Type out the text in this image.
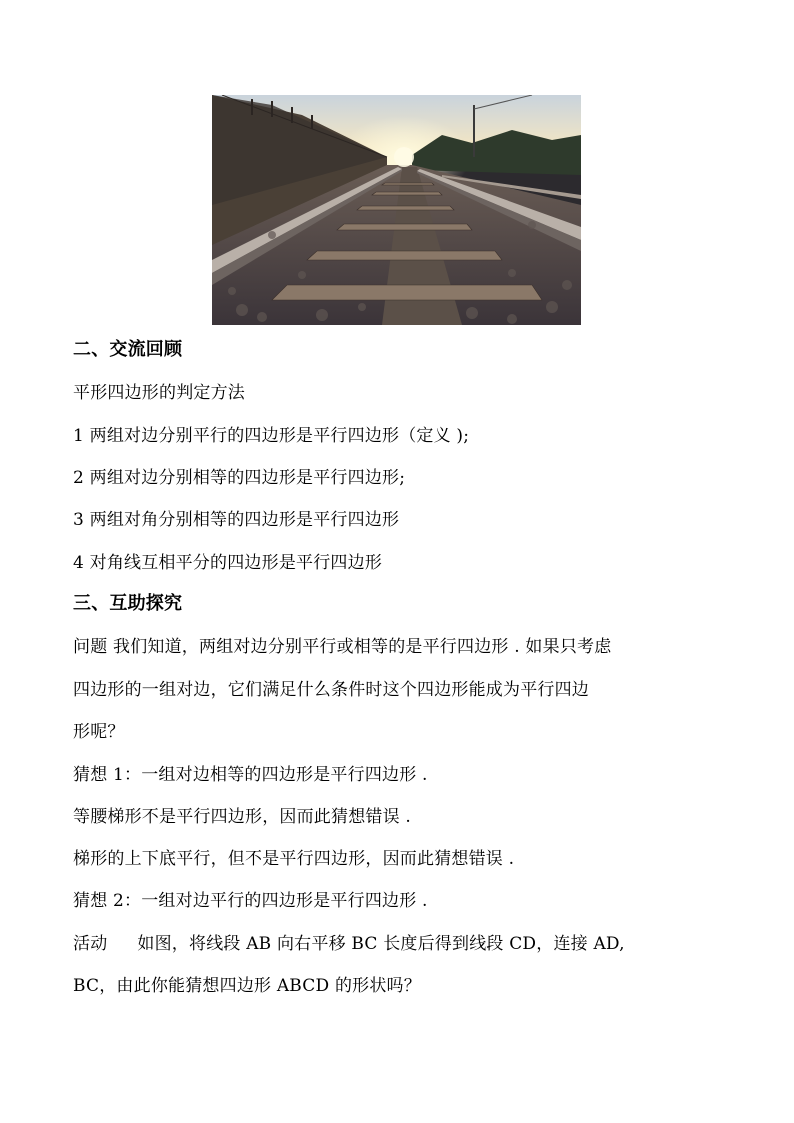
二、交流回顾
平形四边形的判定方法
1 两组对边分别平行的四边形是平行四边形（定义 );
2 两组对边分别相等的四边形是平行四边形;
3 两组对角分别相等的四边形是平行四边形
4 对角线互相平分的四边形是平行四边形
三、互助探究
问题 我们知道，两组对边分别平行或相等的是平行四边形 . 如果只考虑
四边形的一组对边，它们满足什么条件时这个四边形能成为平行四边
形呢？
猜想 1：一组对边相等的四边形是平行四边形 .
等腰梯形不是平行四边形，因而此猜想错误 .
梯形的上下底平行，但不是平行四边形，因而此猜想错误 .
猜想 2：一组对边平行的四边形是平行四边形 .
活动 如图，将线段 AB 向右平移 BC 长度后得到线段 CD，连接 AD,
BC，由此你能猜想四边形 ABCD 的形状吗？
